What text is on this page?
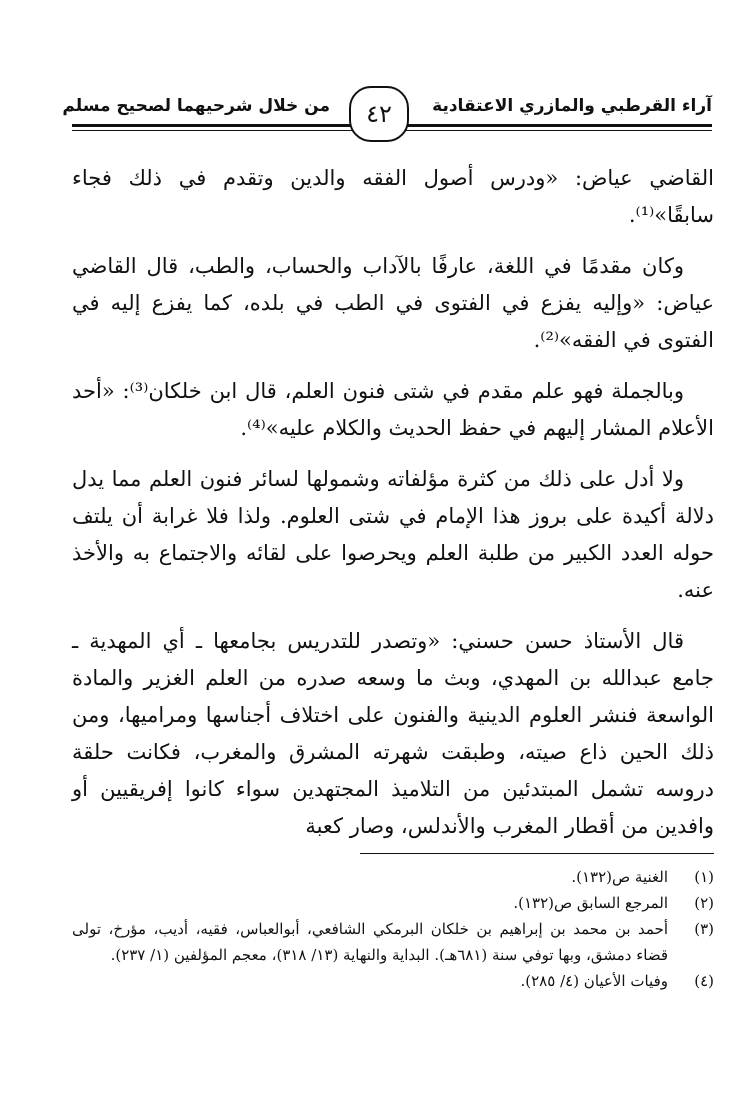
آراء القرطبي والمازري الاعتقادية
من خلال شرحيهما لصحيح مسلم	٤٢

القاضي عياض: «ودرس أصول الفقه والدين وتقدم في ذلك فجاء سابقًا»⁽¹⁾.

وكان مقدمًا في اللغة، عارفًا بالآداب والحساب، والطب، قال القاضي عياض: «وإليه يفزع في الفتوى في الطب في بلده، كما يفزع إليه في الفتوى في الفقه»⁽²⁾.

وبالجملة فهو علم مقدم في شتى فنون العلم، قال ابن خلكان⁽³⁾: «أحد الأعلام المشار إليهم في حفظ الحديث والكلام عليه»⁽⁴⁾.

ولا أدل على ذلك من كثرة مؤلفاته وشمولها لسائر فنون العلم مما يدل دلالة أكيدة على بروز هذا الإمام في شتى العلوم. ولذا فلا غرابة أن يلتف حوله العدد الكبير من طلبة العلم ويحرصوا على لقائه والاجتماع به والأخذ عنه.

قال الأستاذ حسن حسني: «وتصدر للتدريس بجامعها ـ أي المهدية ـ جامع عبدالله بن المهدي، وبث ما وسعه صدره من العلم الغزير والمادة الواسعة فنشر العلوم الدينية والفنون على اختلاف أجناسها ومراميها، ومن ذلك الحين ذاع صيته، وطبقت شهرته المشرق والمغرب، فكانت حلقة دروسه تشمل المبتدئين من التلاميذ المجتهدين سواء كانوا إفريقيين أو وافدين من أقطار المغرب والأندلس، وصار كعبة

(١)
الغنية ص(١٣٢).
(٢)
المرجع السابق ص(١٣٢).
(٣)
أحمد بن محمد بن إبراهيم بن خلكان البرمكي الشافعي، أبوالعباس، فقيه، أديب، مؤرخ، تولى قضاء دمشق، وبها توفي سنة (٦٨١هـ). البداية والنهاية (١٣/ ٣١٨)، معجم المؤلفين (١/ ٢٣٧).
(٤)
وفيات الأعيان (٤/ ٢٨٥).
